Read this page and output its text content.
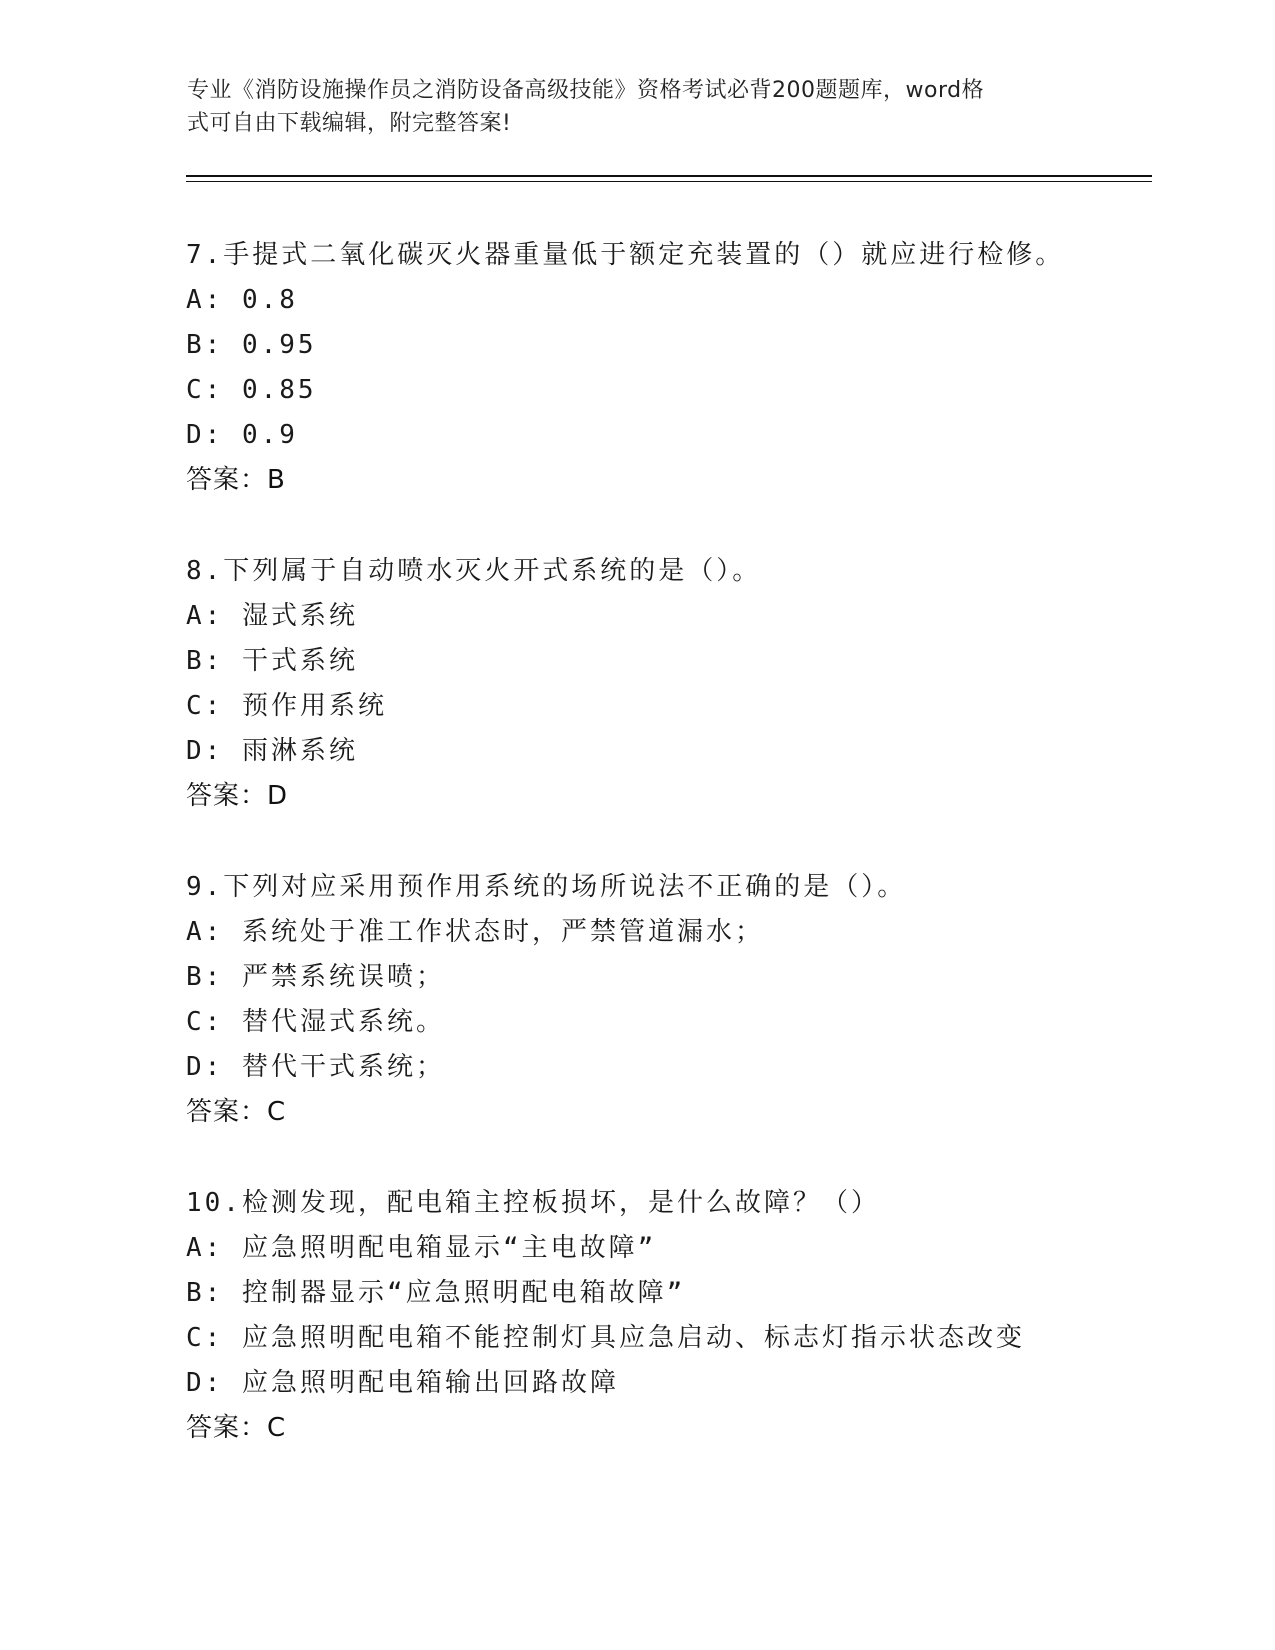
专业《消防设施操作员之消防设备高级技能》资格考试必背200题题库，word格
式可自由下载编辑，附完整答案!
7.手提式二氧化碳灭火器重量低于额定充装置的（）就应进行检修。
A: 0.8
B: 0.95
C: 0.85
D: 0.9
答案：B
8.下列属于自动喷水灭火开式系统的是（）。
A: 湿式系统
B: 干式系统
C: 预作用系统
D: 雨淋系统
答案：D
9.下列对应采用预作用系统的场所说法不正确的是（）。
A: 系统处于准工作状态时，严禁管道漏水；
B: 严禁系统误喷；
C: 替代湿式系统。
D: 替代干式系统；
答案：C
10.检测发现，配电箱主控板损坏，是什么故障？（）
A: 应急照明配电箱显示“主电故障”
B: 控制器显示“应急照明配电箱故障”
C: 应急照明配电箱不能控制灯具应急启动、标志灯指示状态改变
D: 应急照明配电箱输出回路故障
答案：C
